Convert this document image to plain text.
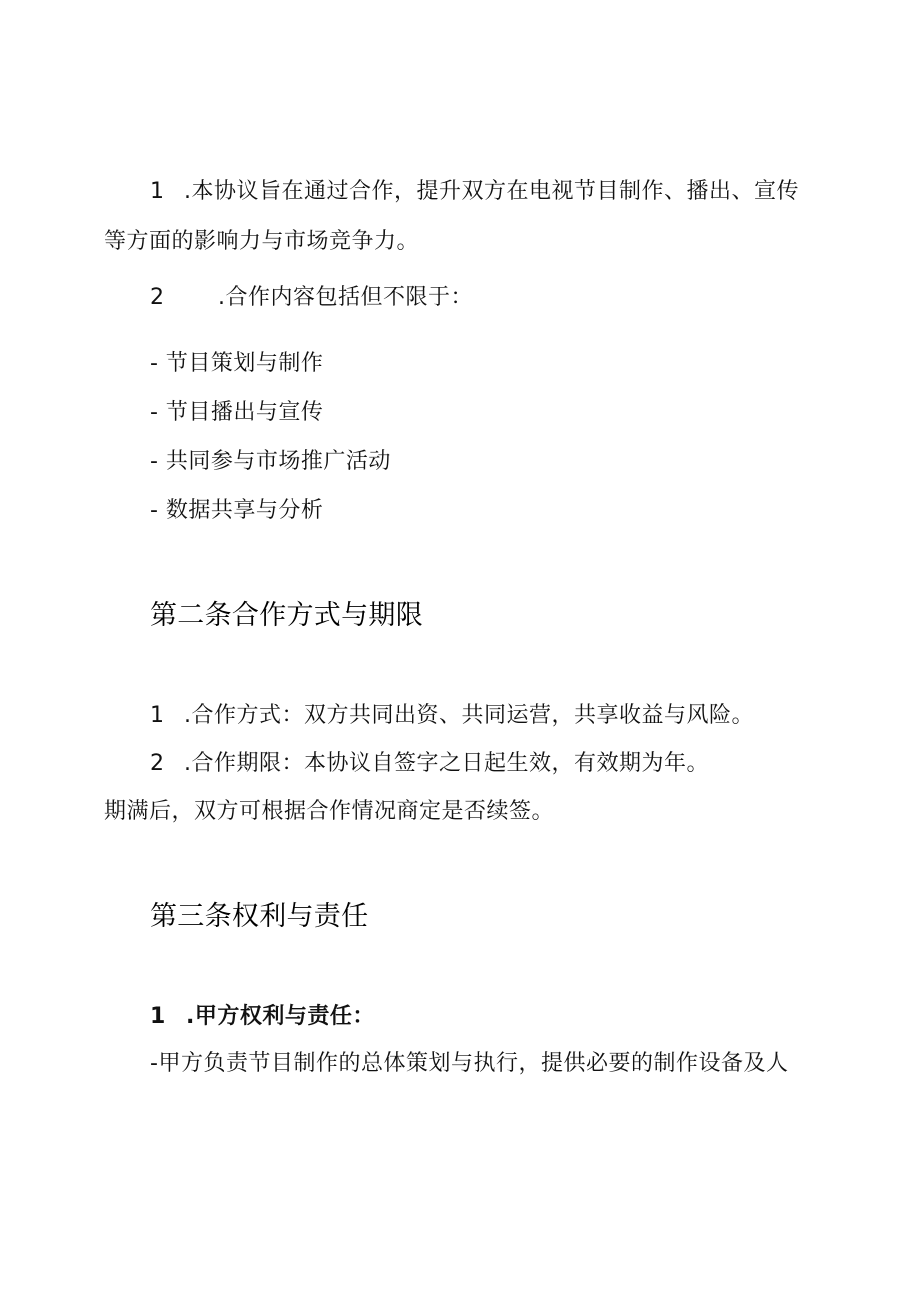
1 .本协议旨在通过合作，提升双方在电视节目制作、播出、宣传
等方面的影响力与市场竞争力。
2 .合作内容包括但不限于：
- 节目策划与制作
- 节目播出与宣传
- 共同参与市场推广活动
- 数据共享与分析
第二条合作方式与期限
1 .合作方式：双方共同出资、共同运营，共享收益与风险。
2 .合作期限：本协议自签字之日起生效，有效期为年。
期满后，双方可根据合作情况商定是否续签。
第三条权利与责任
1 .甲方权利与责任：
-甲方负责节目制作的总体策划与执行，提供必要的制作设备及人
